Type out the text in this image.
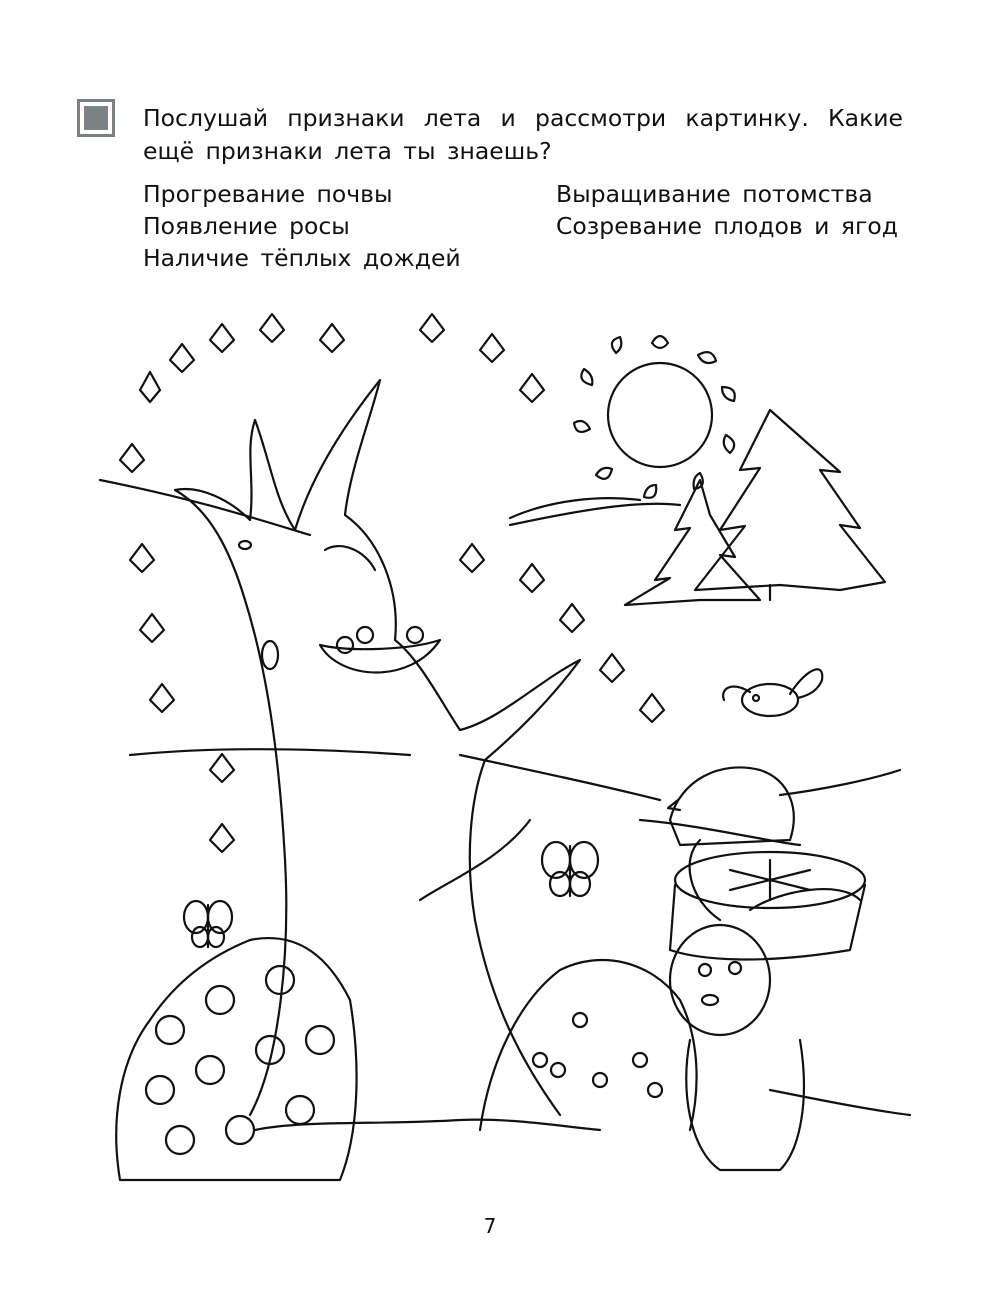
Послушай признаки лета и рассмотри картинку. Какие ещё признаки лета ты знаешь?

Прогревание почвы
Появление росы
Наличие тёплых дождей
Выращивание потомства
Созревание плодов и ягод
7
